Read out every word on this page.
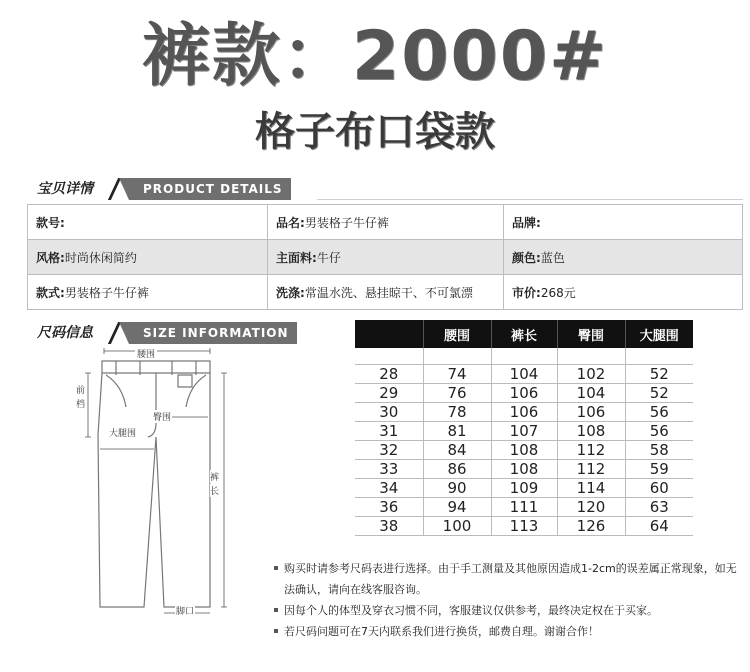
裤款：2000#
格子布口袋款
宝贝详情	PRODUCT DETAILS
款号:	品名:男装格子牛仔裤	品牌:
风格:时尚休闲简约	主面料:牛仔	颜色:蓝色
款式:男装格子牛仔裤	洗涤:常温水洗、悬挂晾干、不可氯漂	市价:268元
尺码信息	SIZE INFORMATION
腰围
前
档
臀围
大腿围
裤
长
脚口
	腰围	裤长	臀围	大腿围

28	74	104	102	52
29	76	106	104	52
30	78	106	106	56
31	81	107	108	56
32	84	108	112	58
33	86	108	112	59
34	90	109	114	60
36	94	111	120	63
38	100	113	126	64
购买时请参考尺码表进行选择。由于手工测量及其他原因造成1-2cm的误差属正常现象，如无法确认，请向在线客服咨询。
因每个人的体型及穿衣习惯不同，客服建议仅供参考，最终决定权在于买家。
若尺码问题可在7天内联系我们进行换货，邮费自理。谢谢合作！
